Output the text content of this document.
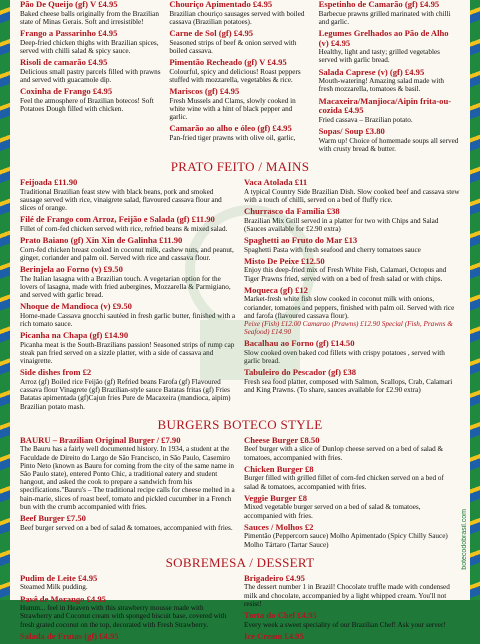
Pão De Queijo (gf) V £4.95
Baked cheese balls originally from the Brazilian state of Minas Gerais. Soft and irresistible!
Frango a Passarinho £4.95
Deep-fried chicken thighs with Brazilian spices, served with chilli salad & spicy sauce.
Risoli de camarão £4.95
Delicious small pastry parcels filled with prawns and served with guacamole dip.
Coxinha de Frango £4.95
Feel the atmosphere of Brazilian botecos! Soft Potatoes Dough filled with chicken.
Chouriço Apimentado £4.95
Brazilian chouriço sausages served with boiled cassava (Brazilian potatoes).
Carne de Sol (gf) £4.95
Seasoned strips of beef & onion served with boiled cassava.
Pimentão Recheado (gf) V £4.95
Colourful, spicy and delicious! Roast peppers stuffed with mozzarella, vegetables & rice.
Mariscos (gf) £4.95
Fresh Mussels and Clams, slowly cooked in white wine with a hint of black pepper and garlic.
Camarão ao alho e óleo (gf) £4.95
Pan-fried tiger prawns with olive oil, garlic,
Espetinho de Camarão (gf) £4.95
Barbecue prawns grilled marinated with chilli and garlic.
Legumes Grelhados ao Pão de Alho (v) £4.95
Healthy, light and tasty; grilled vegetables served with garlic bread.
Salada Caprese (v) (gf) £4.95
Mouth-watering! Amazing salad made with fresh mozzarella, tomatoes & basil.
Macaxeira/Manjioca/Aipin frita-ou- cozida £4.95
Fried cassava – Brazilian potato.
Sopas/ Soup £3.80
Warm up! Choice of homemade soups all served with crusty bread & butter.
PRATO FEITO / MAINS
Feijoada £11.90
Traditional Brazilian feast stew with black beans, pork and smoked sausage served with rice, vinaigrete salad, flavoured cassava flour and slices of orange.
Filé de Frango com Arroz, Feijão e Salada (gf) £11.90
Fillet of corn-fed chicken served with rice, refried beans & mixed salad.
Prato Baiano (gf) Xin Xin de Galinha £11.90
Corn-fed chicken breast cooked in coconut milk, cashew nuts, and peanut, ginger, coriander and palm oil. Served with rice and cassava flour.
Berinjela ao Forno (v) £9.50
The Italian lasagna with a Brazilian touch. A vegetarian option for the lovers of lasagna, made with fried aubergines, Mozzarella & Parmigiano, and served with garlic bread.
Nhoque de Mandioca (v) £9.50
Home-made Cassava gnocchi sautéed in fresh garlic butter, finished with a rich tomato sauce.
Picanha na Chapa (gf) £14.90
Picanha meat is the South-Brazilians passion! Seasoned strips of rump cap steak pan fried served on a sizzle platter, with a side of cassava and vinaigrette.
Side dishes from £2
Arroz (gf) Boiled rice Feijão (gf) Refried beans Farofa (gf) Flavoured cassava flour Vinagrete (gf) Brazilian-style sauce Batatas fritas (gf) Fries Batatas apimentada (gf)Cajun fries Pure de Macaxeira (mandioca, aipim) Brazilian potato mash.
Vaca Atolada £11
A typical Country Side Brazilian Dish. Slow cooked beef and cassava stew with a touch of chilli, served on a bed of fluffy rice.
Churrasco da Família £38
Brazilian Mix Grill served in a platter for two with Chips and Salad (Sauces available for £2.90 extra)
Spaghetti ao Fruto do Mar £13
Spaghetti Pasta with fresh seafood and cherry tomatoes sauce
Misto De Peixe £12.50
Enjoy this deep-fried mix of Fresh White Fish, Calamari, Octopus and Tiger Prawns fried, served with on a bed of fresh salad or with chips.
Moqueca (gf) £12
Market-fresh white fish slow cooked in coconut milk with onions, coriander, tomatoes and peppers, finished with palm oil. Served with rice and farofa (flavoured cassava flour).
Peixe (Fish) £12.00 Camarao (Prawns) £12.90 Special (Fish, Prawns & Seafood) £14.90
Bacalhau ao Forno (gf) £14.50
Slow cooked oven baked cod fillets with crispy potatoes , served with garlic bread.
Tabuleiro do Pescador (gf) £38
Fresh sea food platter, composed with Salmon, Scallops, Crab, Calamari and King Prawns. (To share, sauces available for £2.90 extra)
BURGERS BOTECO STYLE
BAURU – Brazilian Original Burger / £7.90
The Bauru has a fairly well documented history. In 1934, a student at the Faculdade de Direito do Largo de São Francisco, in São Paulo, Casemiro Pinto Neto (known as Bauru for coming from the city of the same name in São Paulo state), entered Ponto Chic, a traditional eatery and student hangout, and asked the cook to prepare a sandwich from his specifications."Bauru's – The traditional recipe calls for cheese melted in a bain-marie, slices of roast beef, tomato and pickled cucumber in a French bun with the crumb accompanied with fries.
Beef Burger £7.50
Beef burger served on a bed of salad & tomatoes, accompanied with fries.
Cheese Burger £8.50
Beef burger with a slice of Dunlop cheese served on a bed of salad & tomatoes, accompanied with fries.
Chicken Burger £8
Burger filled with grilled fillet of corn-fed chicken served on a bed of salad & tomatoes, accompanied with fries.
Veggie Burger £8
Mixed vegetable burger served on a bed of salad & tomatoes, accompanied with fries.
Sauces / Molhos £2
Pimentão (Peppercorn sauce) Molho Apimentado (Spicy Chilly Sauce) Molho Tártaro (Tartar Sauce)
SOBREMESA / DESSERT
Pudim de Leite £4.95
Steamed Milk pudding.
Pavê de Morango £4.95
Humm... feel in Heaven with this strawberry mousse made with Strawberry and Coconut cream with sponged biscuit base, covered with fresh grated coconut on the top, decorated with Fresh Strawberry.
Salada de Frutas (gf) £4.95
Brigadeiro £4.95
The dessert number 1 in Brazil! Chocolate truffle made with condensed milk and chocolate, accompanied by a light whipped cream. You'll not resist!
Torta do Chef £4.95
Every week a sweet speciality of our Brazilian Chef! Ask your server!
Ice Cream £4.95
botecodobrasil.com
